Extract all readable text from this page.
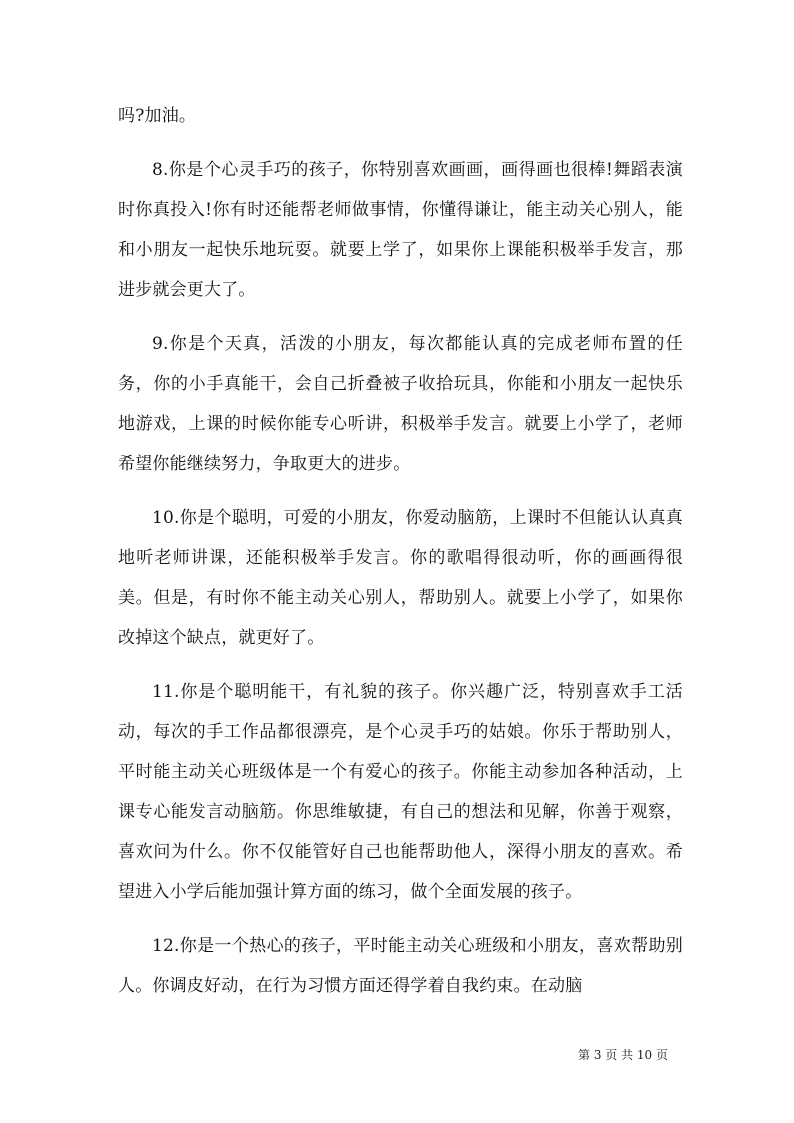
吗?加油。

8.你是个心灵手巧的孩子，你特别喜欢画画，画得画也很棒!舞蹈表演时你真投入!你有时还能帮老师做事情，你懂得谦让，能主动关心别人，能和小朋友一起快乐地玩耍。就要上学了，如果你上课能积极举手发言，那进步就会更大了。

9.你是个天真，活泼的小朋友，每次都能认真的完成老师布置的任务，你的小手真能干，会自己折叠被子收拾玩具，你能和小朋友一起快乐地游戏，上课的时候你能专心听讲，积极举手发言。就要上小学了，老师希望你能继续努力，争取更大的进步。

10.你是个聪明，可爱的小朋友，你爱动脑筋，上课时不但能认认真真地听老师讲课，还能积极举手发言。你的歌唱得很动听，你的画画得很美。但是，有时你不能主动关心别人，帮助别人。就要上小学了，如果你改掉这个缺点，就更好了。

11.你是个聪明能干，有礼貌的孩子。你兴趣广泛，特别喜欢手工活动，每次的手工作品都很漂亮，是个心灵手巧的姑娘。你乐于帮助别人，平时能主动关心班级体是一个有爱心的孩子。你能主动参加各种活动，上课专心能发言动脑筋。你思维敏捷，有自己的想法和见解，你善于观察，喜欢问为什么。你不仅能管好自己也能帮助他人，深得小朋友的喜欢。希望进入小学后能加强计算方面的练习，做个全面发展的孩子。

12.你是一个热心的孩子，平时能主动关心班级和小朋友，喜欢帮助别人。你调皮好动，在行为习惯方面还得学着自我约束。在动脑

第 3 页 共 10 页
